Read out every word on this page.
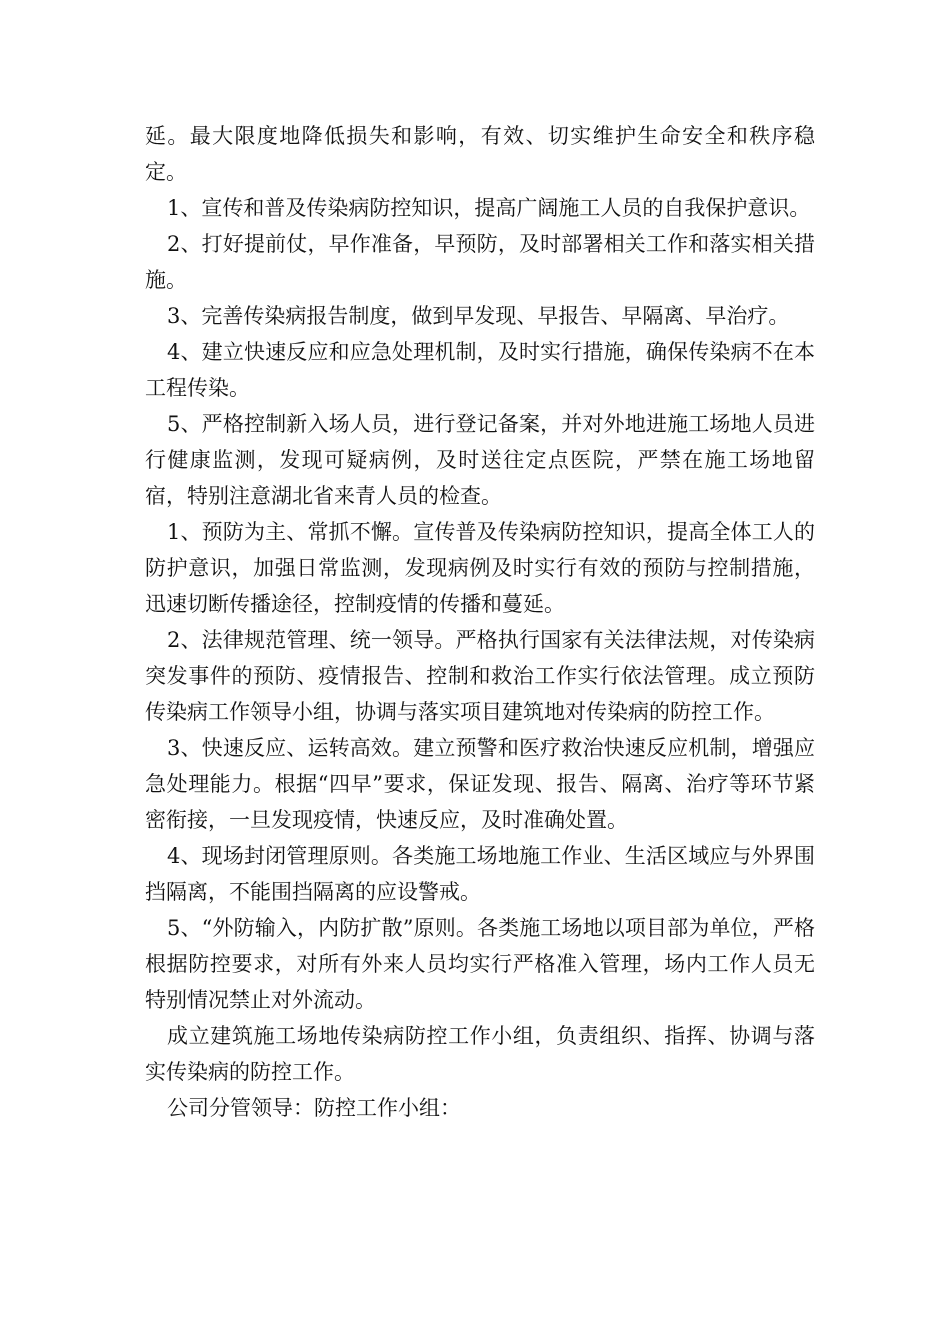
延。最大限度地降低损失和影响，有效、切实维护生命安全和秩序稳定。

1、宣传和普及传染病防控知识，提高广阔施工人员的自我保护意识。

2、打好提前仗，早作准备，早预防，及时部署相关工作和落实相关措施。

3、完善传染病报告制度，做到早发现、早报告、早隔离、早治疗。

4、建立快速反应和应急处理机制，及时实行措施，确保传染病不在本工程传染。

5、严格控制新入场人员，进行登记备案，并对外地进施工场地人员进行健康监测，发现可疑病例，及时送往定点医院，严禁在施工场地留宿，特别注意湖北省来青人员的检查。

1、预防为主、常抓不懈。宣传普及传染病防控知识，提高全体工人的防护意识，加强日常监测，发现病例及时实行有效的预防与控制措施，迅速切断传播途径，控制疫情的传播和蔓延。

2、法律规范管理、统一领导。严格执行国家有关法律法规，对传染病突发事件的预防、疫情报告、控制和救治工作实行依法管理。成立预防传染病工作领导小组，协调与落实项目建筑地对传染病的防控工作。

3、快速反应、运转高效。建立预警和医疗救治快速反应机制，增强应急处理能力。根据“四早”要求，保证发现、报告、隔离、治疗等环节紧密衔接，一旦发现疫情，快速反应，及时准确处置。

4、现场封闭管理原则。各类施工场地施工作业、生活区域应与外界围挡隔离，不能围挡隔离的应设警戒。

5、“外防输入，内防扩散”原则。各类施工场地以项目部为单位，严格根据防控要求，对所有外来人员均实行严格准入管理，场内工作人员无特别情况禁止对外流动。

成立建筑施工场地传染病防控工作小组，负责组织、指挥、协调与落实传染病的防控工作。

公司分管领导：防控工作小组：
